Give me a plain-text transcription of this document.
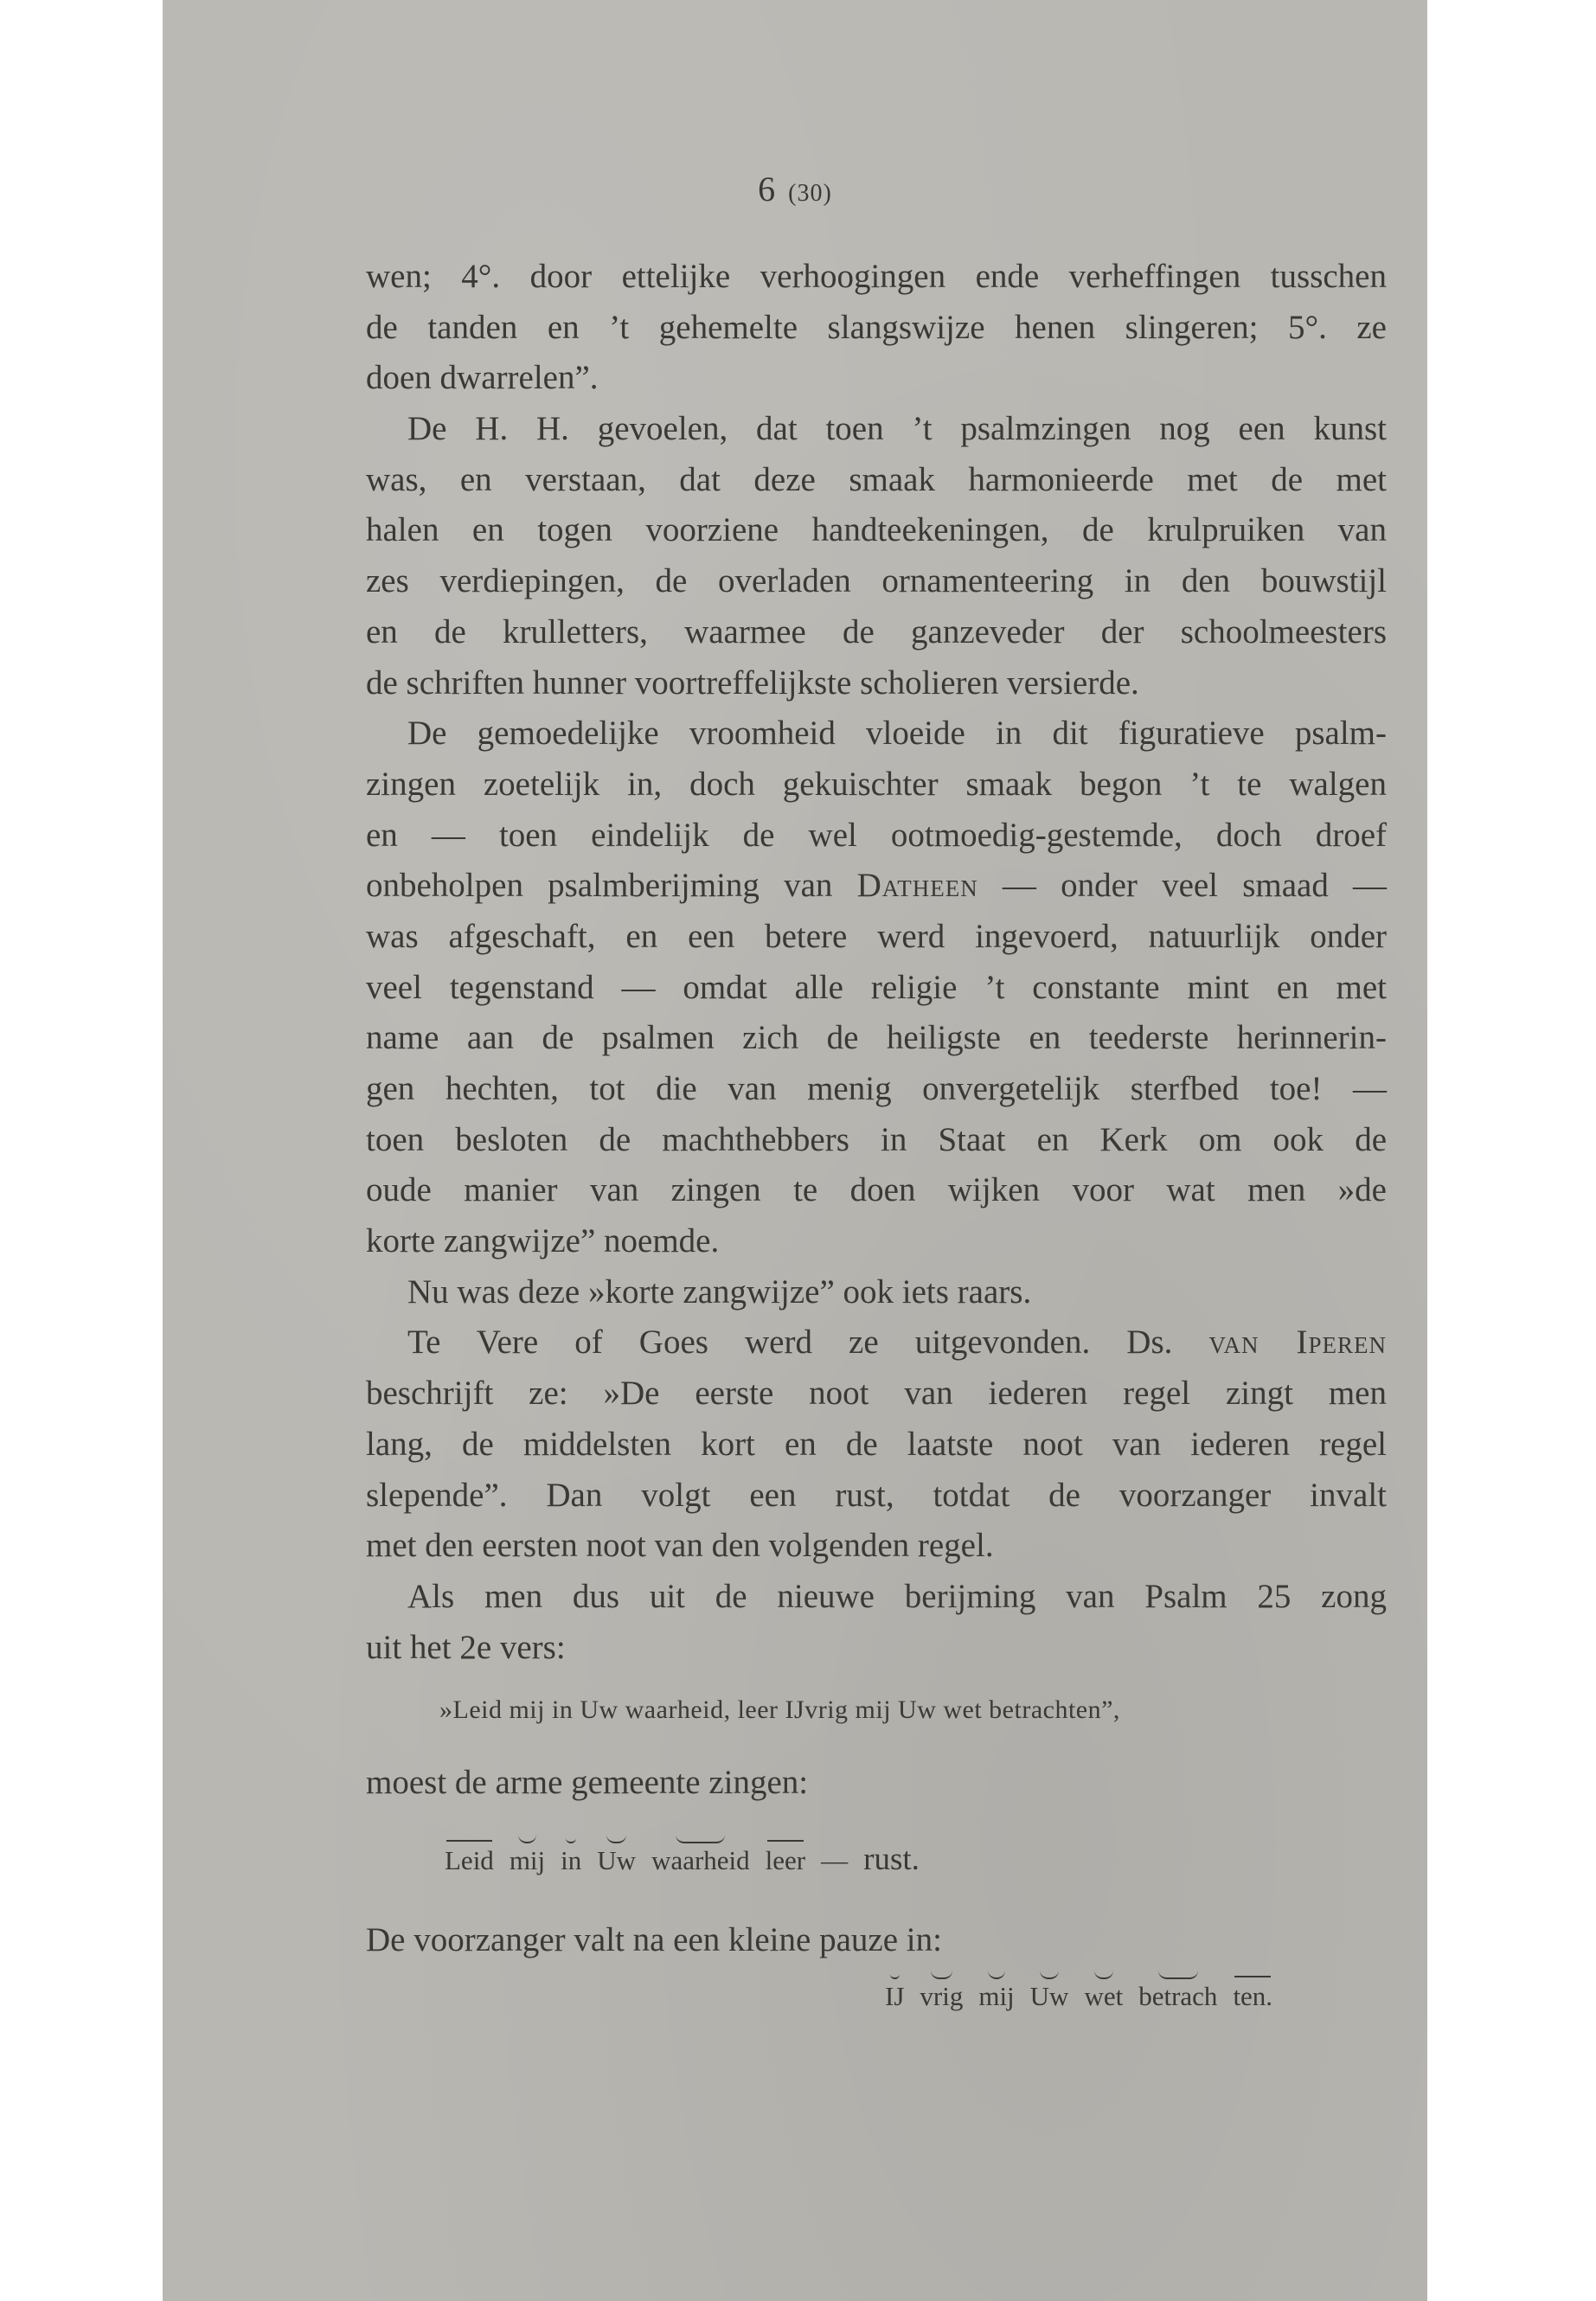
6 (30)
wen; 4°. door ettelijke verhoogingen ende verheffingen tusschen
de tanden en ’t gehemelte slangswijze henen slingeren; 5°. ze
doen dwarrelen”.
De H. H. gevoelen, dat toen ’t psalmzingen nog een kunst
was, en verstaan, dat deze smaak harmonieerde met de met
halen en togen voorziene handteekeningen, de krulpruiken van
zes verdiepingen, de overladen ornamenteering in den bouwstijl
en de krulletters, waarmee de ganzeveder der schoolmeesters
de schriften hunner voortreffelijkste scholieren versierde.
De gemoedelijke vroomheid vloeide in dit figuratieve psalm-
zingen zoetelijk in, doch gekuischter smaak begon ’t te walgen
en — toen eindelijk de wel ootmoedig-gestemde, doch droef
onbeholpen psalmberijming van Datheen — onder veel smaad —
was afgeschaft, en een betere werd ingevoerd, natuurlijk onder
veel tegenstand — omdat alle religie ’t constante mint en met
name aan de psalmen zich de heiligste en teederste herinnerin-
gen hechten, tot die van menig onvergetelijk sterfbed toe! —
toen besloten de machthebbers in Staat en Kerk om ook de
oude manier van zingen te doen wijken voor wat men »de
korte zangwijze” noemde.
Nu was deze »korte zangwijze” ook iets raars.
Te Vere of Goes werd ze uitgevonden. Ds. van Iperen
beschrijft ze: »De eerste noot van iederen regel zingt men
lang, de middelsten kort en de laatste noot van iederen regel
slepende”. Dan volgt een rust, totdat de voorzanger invalt
met den eersten noot van den volgenden regel.
Als men dus uit de nieuwe berijming van Psalm 25 zong
uit het 2e vers:
»Leid mij in Uw waarheid, leer IJvrig mij Uw wet betrachten”,
moest de arme gemeente zingen:
Leid mij in Uw waarheid leer — rust.
De voorzanger valt na een kleine pauze in:
IJ vrig mij Uw wet betrach ten.
